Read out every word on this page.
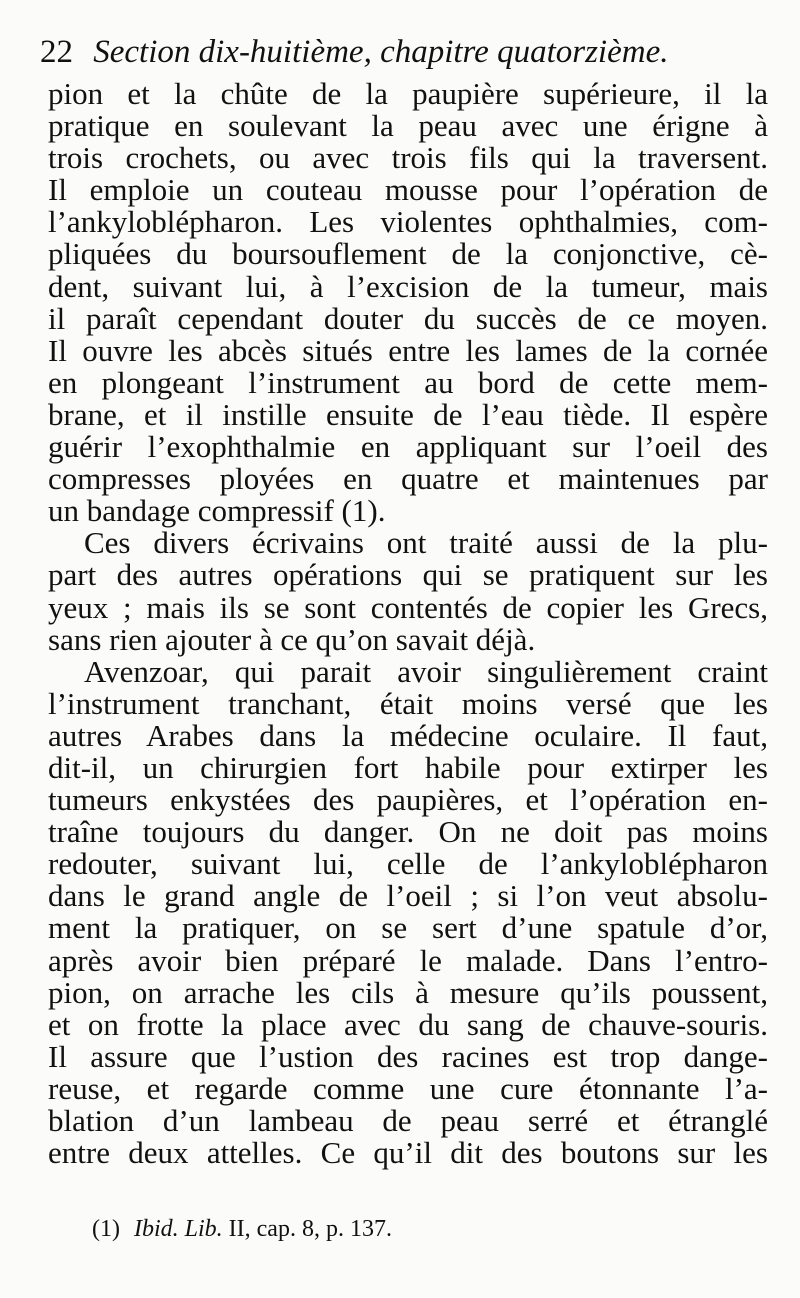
22 Section dix-huitième, chapitre quatorzième.
pion et la chûte de la paupière supérieure, il la
pratique en soulevant la peau avec une érigne à
trois crochets, ou avec trois fils qui la traversent.
Il emploie un couteau mousse pour l’opération de
l’ankyloblépharon. Les violentes ophthalmies, com-
pliquées du boursouflement de la conjonctive, cè-
dent, suivant lui, à l’excision de la tumeur, mais
il paraît cependant douter du succès de ce moyen.
Il ouvre les abcès situés entre les lames de la cornée
en plongeant l’instrument au bord de cette mem-
brane, et il instille ensuite de l’eau tiède. Il espère
guérir l’exophthalmie en appliquant sur l’oeil des
compresses ployées en quatre et maintenues par
un bandage compressif (1).
Ces divers écrivains ont traité aussi de la plu-
part des autres opérations qui se pratiquent sur les
yeux ; mais ils se sont contentés de copier les Grecs,
sans rien ajouter à ce qu’on savait déjà.
Avenzoar, qui parait avoir singulièrement craint
l’instrument tranchant, était moins versé que les
autres Arabes dans la médecine oculaire. Il faut,
dit-il, un chirurgien fort habile pour extirper les
tumeurs enkystées des paupières, et l’opération en-
traîne toujours du danger. On ne doit pas moins
redouter, suivant lui, celle de l’ankyloblépharon
dans le grand angle de l’oeil ; si l’on veut absolu-
ment la pratiquer, on se sert d’une spatule d’or,
après avoir bien préparé le malade. Dans l’entro-
pion, on arrache les cils à mesure qu’ils poussent,
et on frotte la place avec du sang de chauve-souris.
Il assure que l’ustion des racines est trop dange-
reuse, et regarde comme une cure étonnante l’a-
blation d’un lambeau de peau serré et étranglé
entre deux attelles. Ce qu’il dit des boutons sur les
(1) Ibid. Lib. II, cap. 8, p. 137.
